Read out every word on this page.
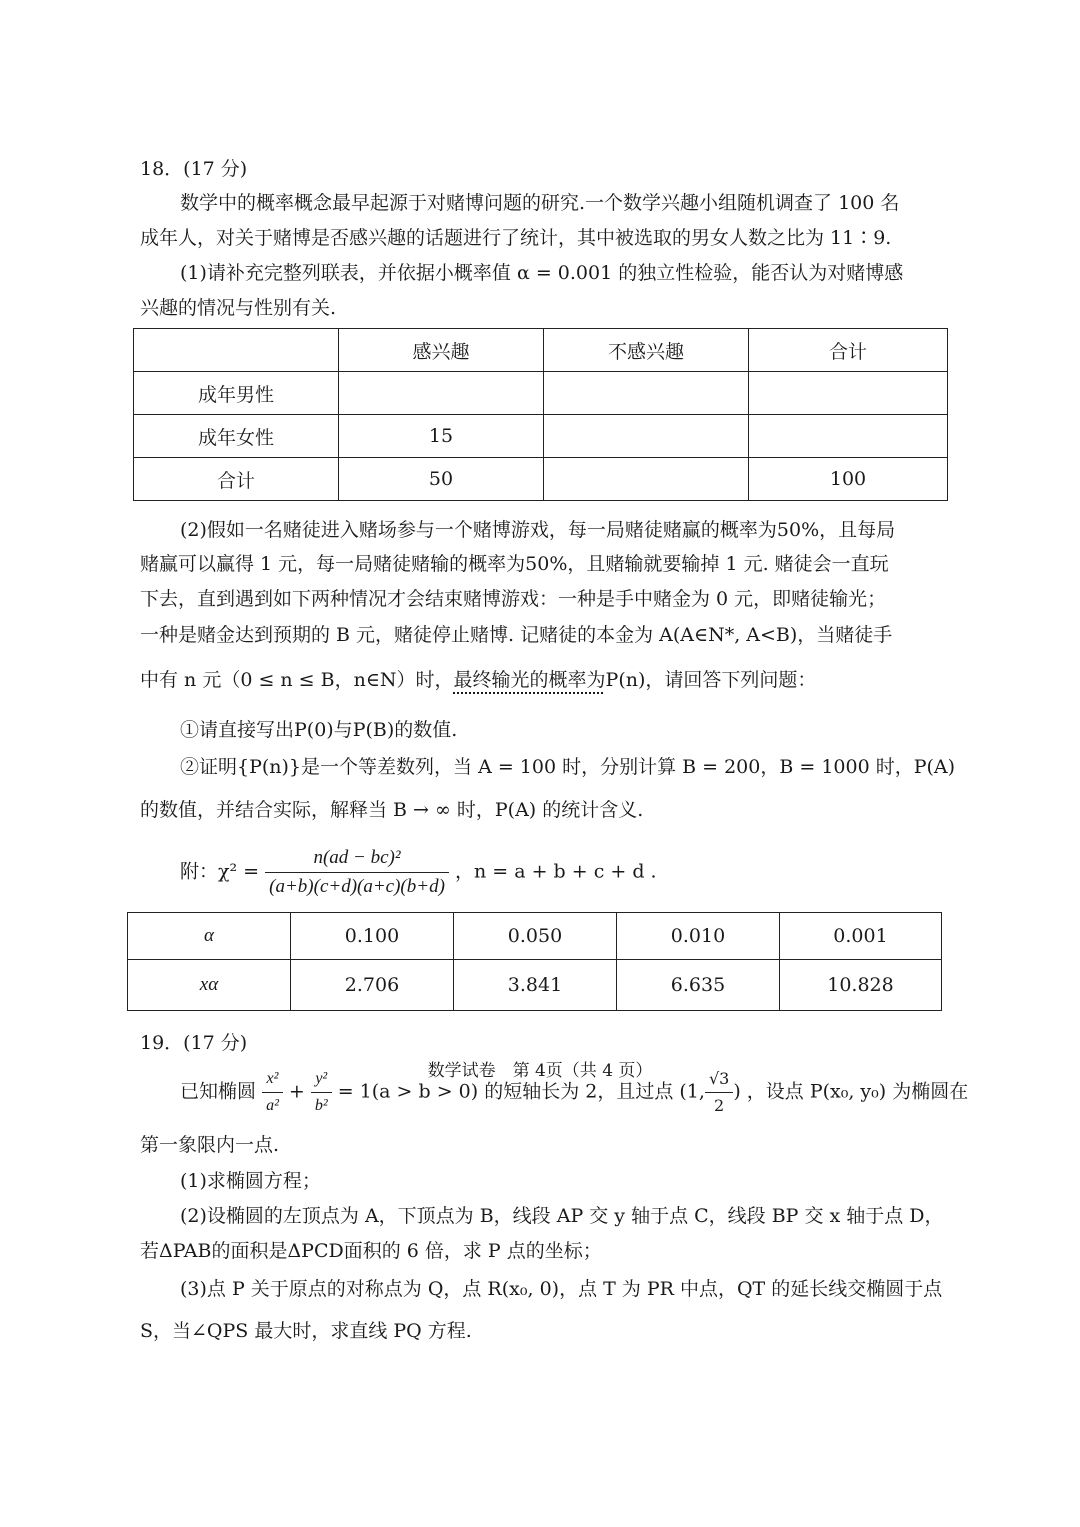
18．(17 分)
数学中的概率概念最早起源于对赌博问题的研究.一个数学兴趣小组随机调查了 100 名
成年人，对关于赌博是否感兴趣的话题进行了统计，其中被选取的男女人数之比为 11∶9.
(1)请补充完整列联表，并依据小概率值 α = 0.001 的独立性检验，能否认为对赌博感
兴趣的情况与性别有关.
	感兴趣	不感兴趣	合计
成年男性			
成年女性	15		
合计	50		100
(2)假如一名赌徒进入赌场参与一个赌博游戏，每一局赌徒赌赢的概率为50%，且每局
赌赢可以赢得 1 元，每一局赌徒赌输的概率为50%，且赌输就要输掉 1 元. 赌徒会一直玩
下去，直到遇到如下两种情况才会结束赌博游戏：一种是手中赌金为 0 元，即赌徒输光；
一种是赌金达到预期的 B 元，赌徒停止赌博. 记赌徒的本金为 A(A∈N*, A<B)，当赌徒手
中有 n 元（0 ≤ n ≤ B，n∈N）时，最终输光的概率为P(n)，请回答下列问题：
①请直接写出P(0)与P(B)的数值.
②证明{P(n)}是一个等差数列，当 A = 100 时，分别计算 B = 200，B = 1000 时，P(A)
的数值，并结合实际，解释当 B → ∞ 时，P(A) 的统计含义.
附：$\chi^2 = \frac{\text{n(ad − bc)²}}{(a+b)(c+d)(a+c)(b+d)}$ ，n = a + b + c + d .
α	0.100	0.050	0.010	0.001
xα	2.706	3.841	6.635	10.828
19．(17 分)
已知椭圆 $\frac{\text{x²}}{\text{a²}} + \frac{\text{y²}}{\text{b²}} = 1(a > b > 0)$ 的短轴长为 2，且过点 (1, $\frac{√3}{2}$ ) ，设点 P(x₀, y₀) 为椭圆在
第一象限内一点.
(1)求椭圆方程；
(2)设椭圆的左顶点为 A，下顶点为 B，线段 AP 交 y 轴于点 C，线段 BP 交 x 轴于点 D，
若ΔPAB的面积是ΔPCD面积的 6 倍，求 P 点的坐标；
(3)点 P 关于原点的对称点为 Q，点 R(x₀, 0)，点 T 为 PR 中点，QT 的延长线交椭圆于点
S，当∠QPS 最大时，求直线 PQ 方程.
数学试卷　第 4页（共 4 页）
